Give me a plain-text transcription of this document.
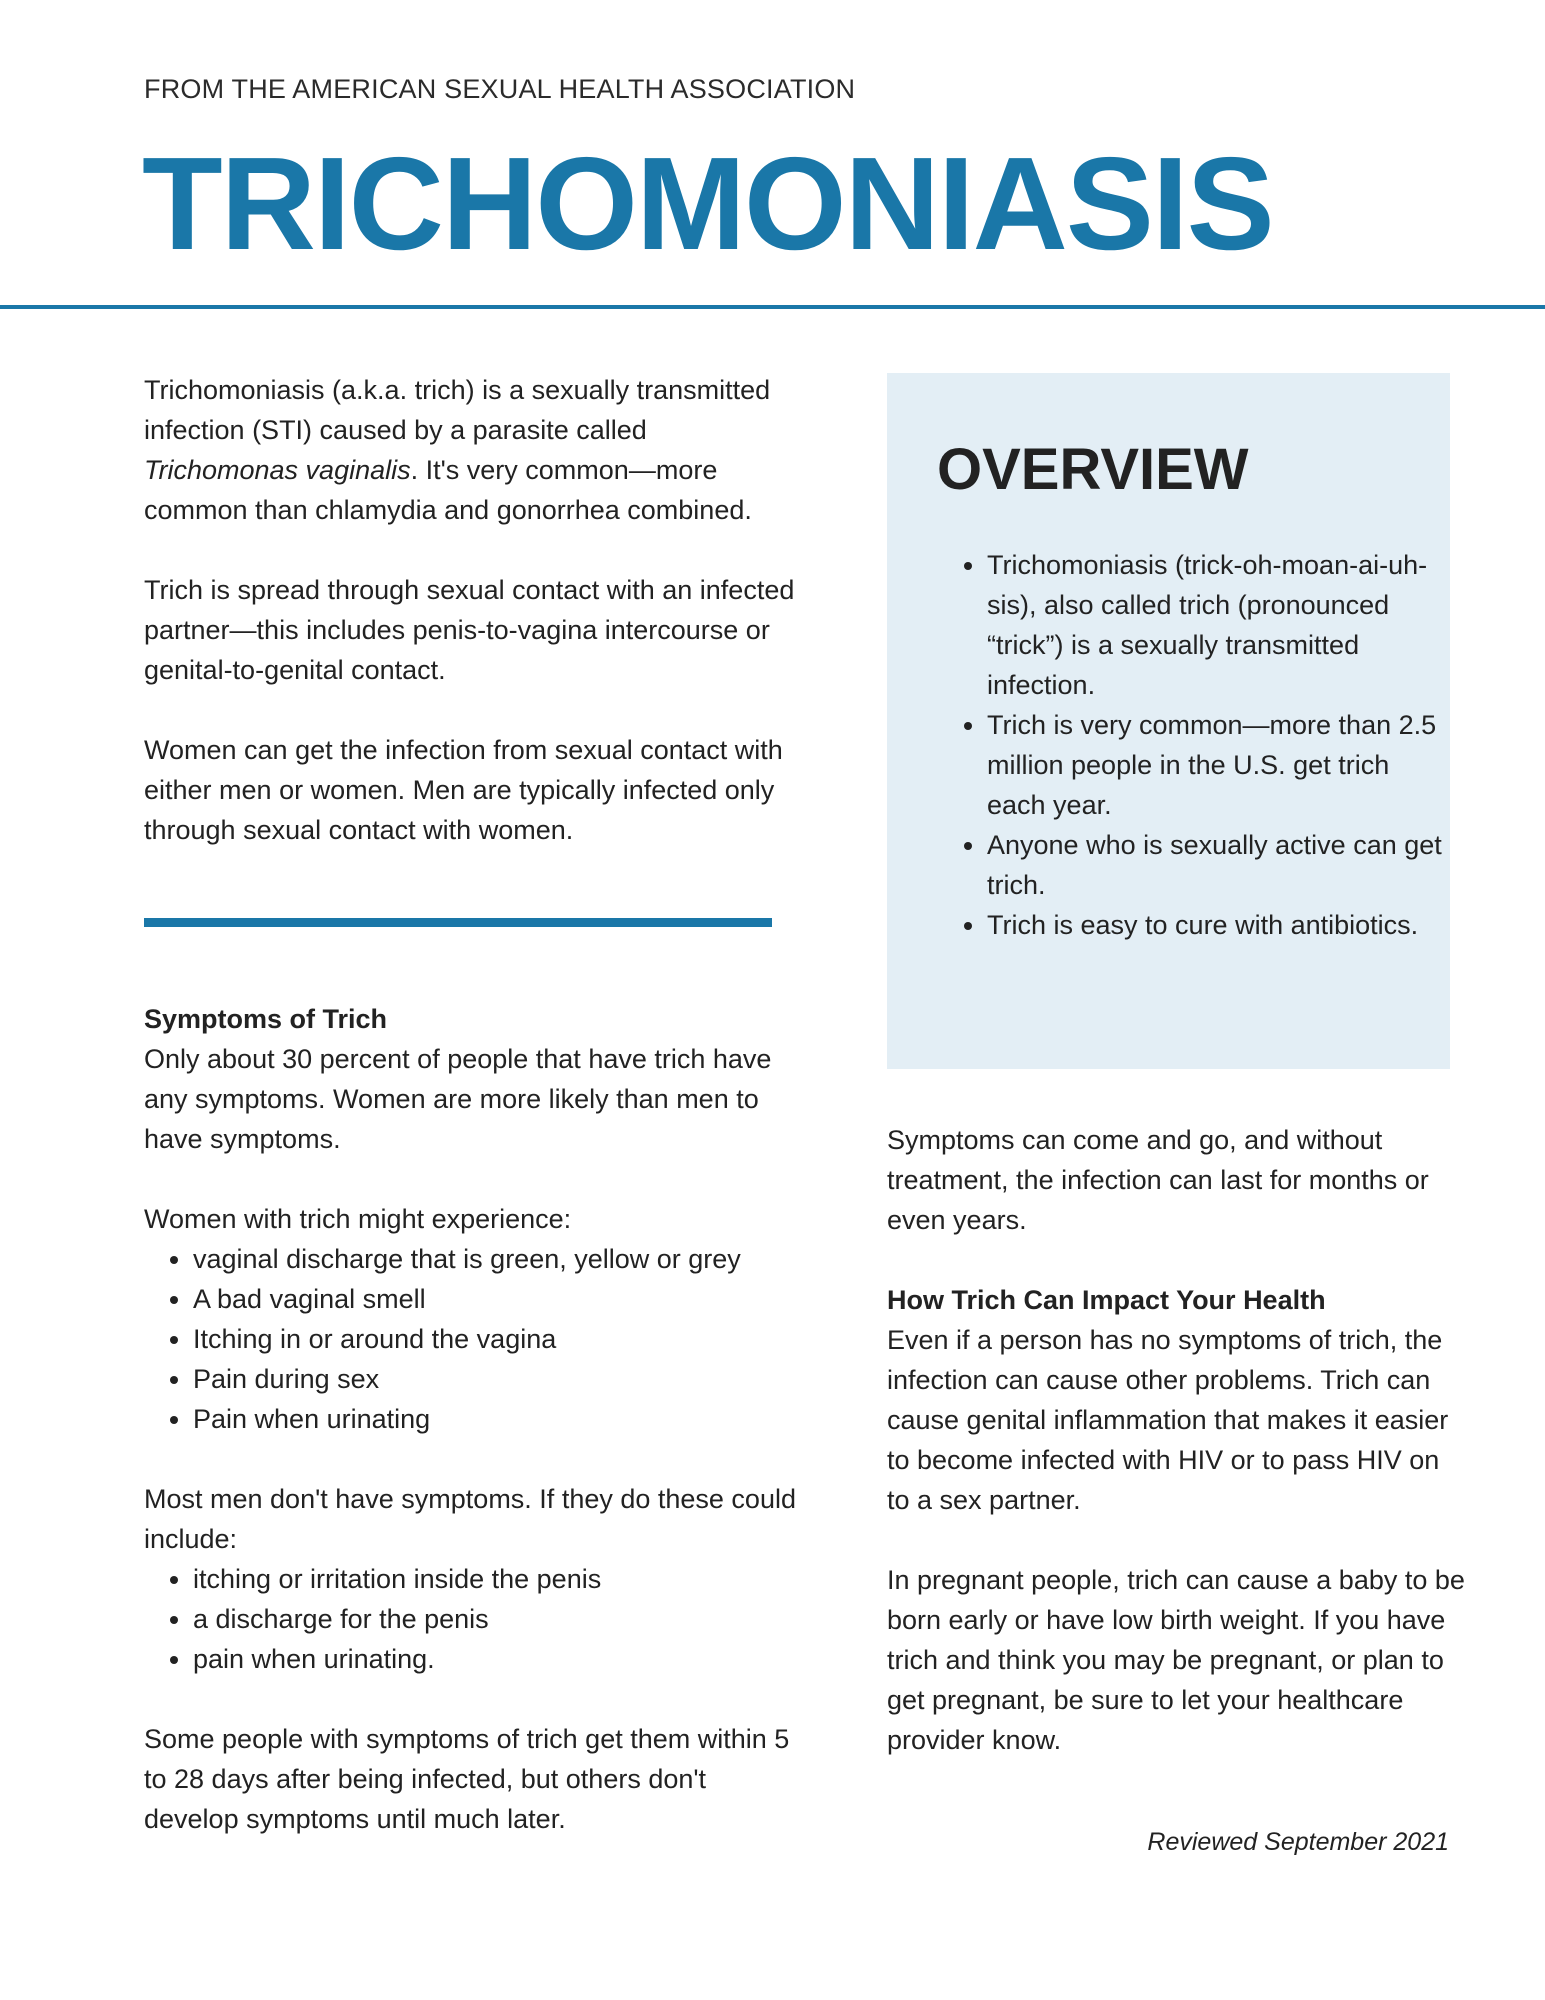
FROM THE AMERICAN SEXUAL HEALTH ASSOCIATION
TRICHOMONIASIS

Trichomoniasis (a.k.a. trich) is a sexually transmitted infection (STI) caused by a parasite called Trichomonas vaginalis. It's very common—more common than chlamydia and gonorrhea combined.

Trich is spread through sexual contact with an infected partner—this includes penis-to-vagina intercourse or genital-to-genital contact.

Women can get the infection from sexual contact with either men or women. Men are typically infected only through sexual contact with women.

Symptoms of Trich

Only about 30 percent of people that have trich have any symptoms. Women are more likely than men to have symptoms.

Women with trich might experience:

• vaginal discharge that is green, yellow or grey
• A bad vaginal smell
• Itching in or around the vagina
• Pain during sex
• Pain when urinating

Most men don't have symptoms. If they do these could include:

• itching or irritation inside the penis
• a discharge for the penis
• pain when urinating.

Some people with symptoms of trich get them within 5 to 28 days after being infected, but others don't develop symptoms until much later.

OVERVIEW
• Trichomoniasis (trick-oh-moan-ai-uh-sis), also called trich (pronounced “trick”) is a sexually transmitted infection.
• Trich is very common—more than 2.5 million people in the U.S. get trich each year.
• Anyone who is sexually active can get trich.
• Trich is easy to cure with antibiotics.

Symptoms can come and go, and without treatment, the infection can last for months or even years.

How Trich Can Impact Your Health

Even if a person has no symptoms of trich, the infection can cause other problems. Trich can cause genital inflammation that makes it easier to become infected with HIV or to pass HIV on to a sex partner.

In pregnant people, trich can cause a baby to be born early or have low birth weight. If you have trich and think you may be pregnant, or plan to get pregnant, be sure to let your healthcare provider know.

Reviewed September 2021
